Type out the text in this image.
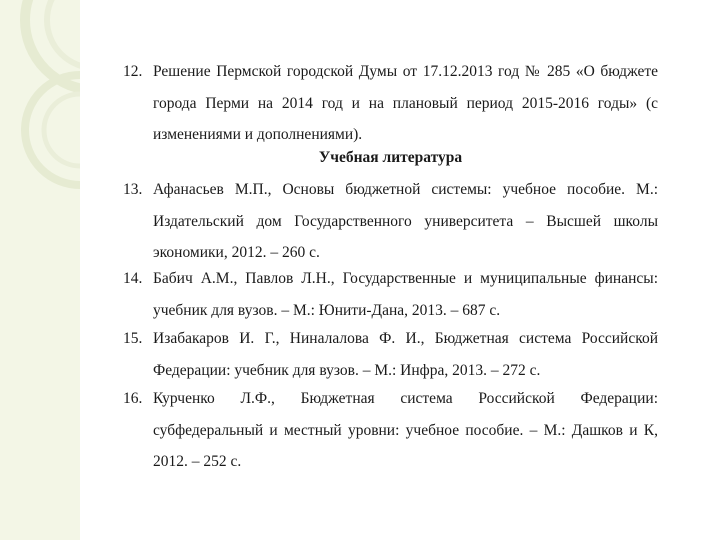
12. Решение Пермской городской Думы от 17.12.2013 год № 285 «О бюджете города Перми на 2014 год и на плановый период 2015-2016 годы» (с изменениями и дополнениями).
Учебная литература
13. Афанасьев М.П., Основы бюджетной системы: учебное пособие. М.: Издательский дом Государственного университета – Высшей школы экономики, 2012. – 260 с.
14. Бабич А.М., Павлов Л.Н., Государственные и муниципальные финансы: учебник для вузов. – М.: Юнити-Дана, 2013. – 687 с.
15. Изабакаров И. Г., Ниналалова Ф. И., Бюджетная система Российской Федерации: учебник для вузов. – М.: Инфра, 2013. – 272 с.
16. Курченко Л.Ф., Бюджетная система Российской Федерации: субфедеральный и местный уровни: учебное пособие. – М.: Дашков и К, 2012. – 252 с.
